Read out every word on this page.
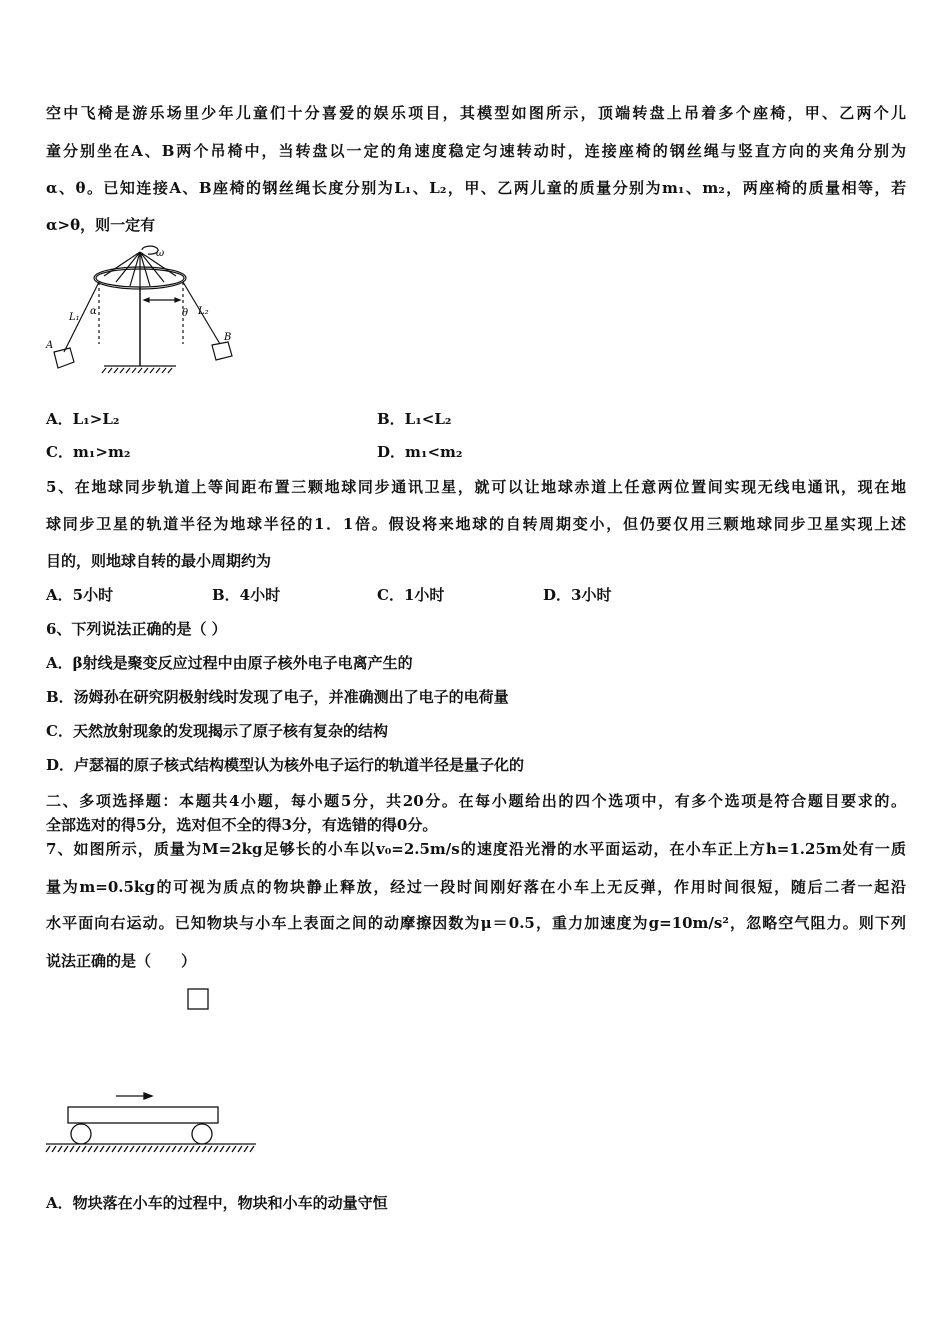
空中飞椅是游乐场里少年儿童们十分喜爱的娱乐项目，其模型如图所示，顶端转盘上吊着多个座椅，甲、乙两个儿
童分别坐在A、B两个吊椅中，当转盘以一定的角速度稳定匀速转动时，连接座椅的钢丝绳与竖直方向的夹角分别为
α、θ。已知连接A、B座椅的钢丝绳长度分别为L₁、L₂，甲、乙两儿童的质量分别为m₁、m₂，两座椅的质量相等，若
α>θ，则一定有
ω
α	θ
L₁
L₂
A
B
A．L₁>L₂	B．L₁<L₂
C．m₁>m₂	D．m₁<m₂
5、在地球同步轨道上等间距布置三颗地球同步通讯卫星，就可以让地球赤道上任意两位置间实现无线电通讯，现在地
球同步卫星的轨道半径为地球半径的1．1倍。假设将来地球的自转周期变小，但仍要仅用三颗地球同步卫星实现上述
目的，则地球自转的最小周期约为
A．5小时	B．4小时	C．1小时	D．3小时
6、下列说法正确的是（ ）
A．β射线是聚变反应过程中由原子核外电子电离产生的
B．汤姆孙在研究阴极射线时发现了电子，并准确测出了电子的电荷量
C．天然放射现象的发现揭示了原子核有复杂的结构
D．卢瑟福的原子核式结构模型认为核外电子运行的轨道半径是量子化的
二、多项选择题：本题共4小题，每小题5分，共20分。在每小题给出的四个选项中，有多个选项是符合题目要求的。
全部选对的得5分，选对但不全的得3分，有选错的得0分。
7、如图所示，质量为M=2kg足够长的小车以v₀=2.5m/s的速度沿光滑的水平面运动，在小车正上方h=1.25m处有一质
量为m=0.5kg的可视为质点的物块静止释放，经过一段时间刚好落在小车上无反弹，作用时间很短，随后二者一起沿
水平面向右运动。已知物块与小车上表面之间的动摩擦因数为μ＝0.5，重力加速度为g=10m/s²，忽略空气阻力。则下列
说法正确的是（　　）
A．物块落在小车的过程中，物块和小车的动量守恒
